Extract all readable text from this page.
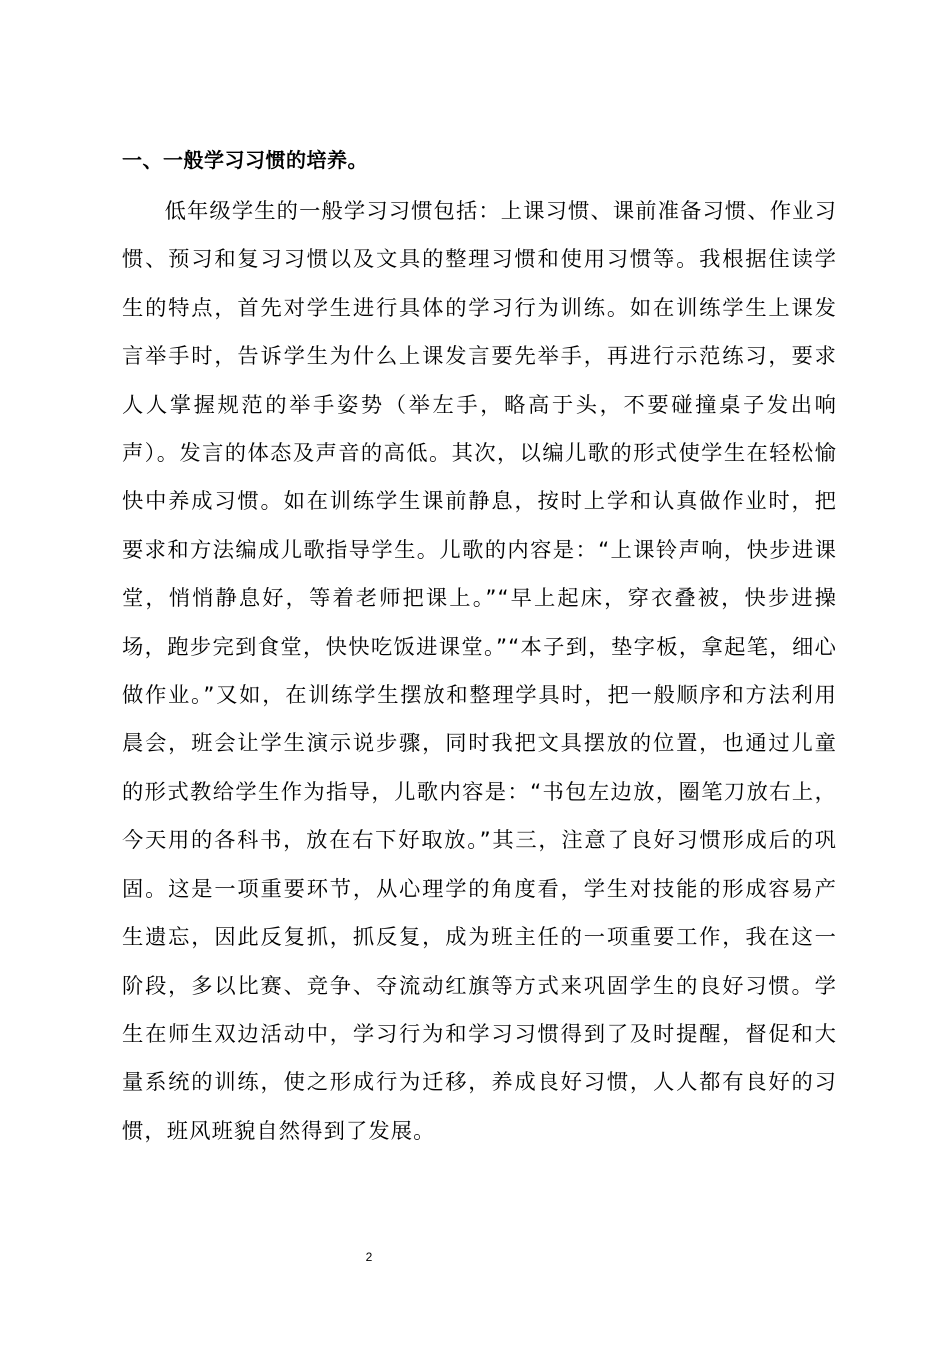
一、一般学习习惯的培养。

低年级学生的一般学习习惯包括：上课习惯、课前准备习惯、作业习惯、预习和复习习惯以及文具的整理习惯和使用习惯等。我根据住读学生的特点，首先对学生进行具体的学习行为训练。如在训练学生上课发言举手时，告诉学生为什么上课发言要先举手，再进行示范练习，要求人人掌握规范的举手姿势（举左手，略高于头，不要碰撞桌子发出响声）。发言的体态及声音的高低。其次，以编儿歌的形式使学生在轻松愉快中养成习惯。如在训练学生课前静息，按时上学和认真做作业时，把要求和方法编成儿歌指导学生。儿歌的内容是：“上课铃声响，快步进课堂，悄悄静息好，等着老师把课上。”“早上起床，穿衣叠被，快步进操场，跑步完到食堂，快快吃饭进课堂。”“本子到，垫字板，拿起笔，细心做作业。”又如，在训练学生摆放和整理学具时，把一般顺序和方法利用晨会，班会让学生演示说步骤，同时我把文具摆放的位置，也通过儿童的形式教给学生作为指导，儿歌内容是：“书包左边放，圈笔刀放右上，今天用的各科书，放在右下好取放。”其三，注意了良好习惯形成后的巩固。这是一项重要环节，从心理学的角度看，学生对技能的形成容易产生遗忘，因此反复抓，抓反复，成为班主任的一项重要工作，我在这一阶段，多以比赛、竞争、夺流动红旗等方式来巩固学生的良好习惯。学生在师生双边活动中，学习行为和学习习惯得到了及时提醒，督促和大量系统的训练，使之形成行为迁移，养成良好习惯，人人都有良好的习惯，班风班貌自然得到了发展。

2
